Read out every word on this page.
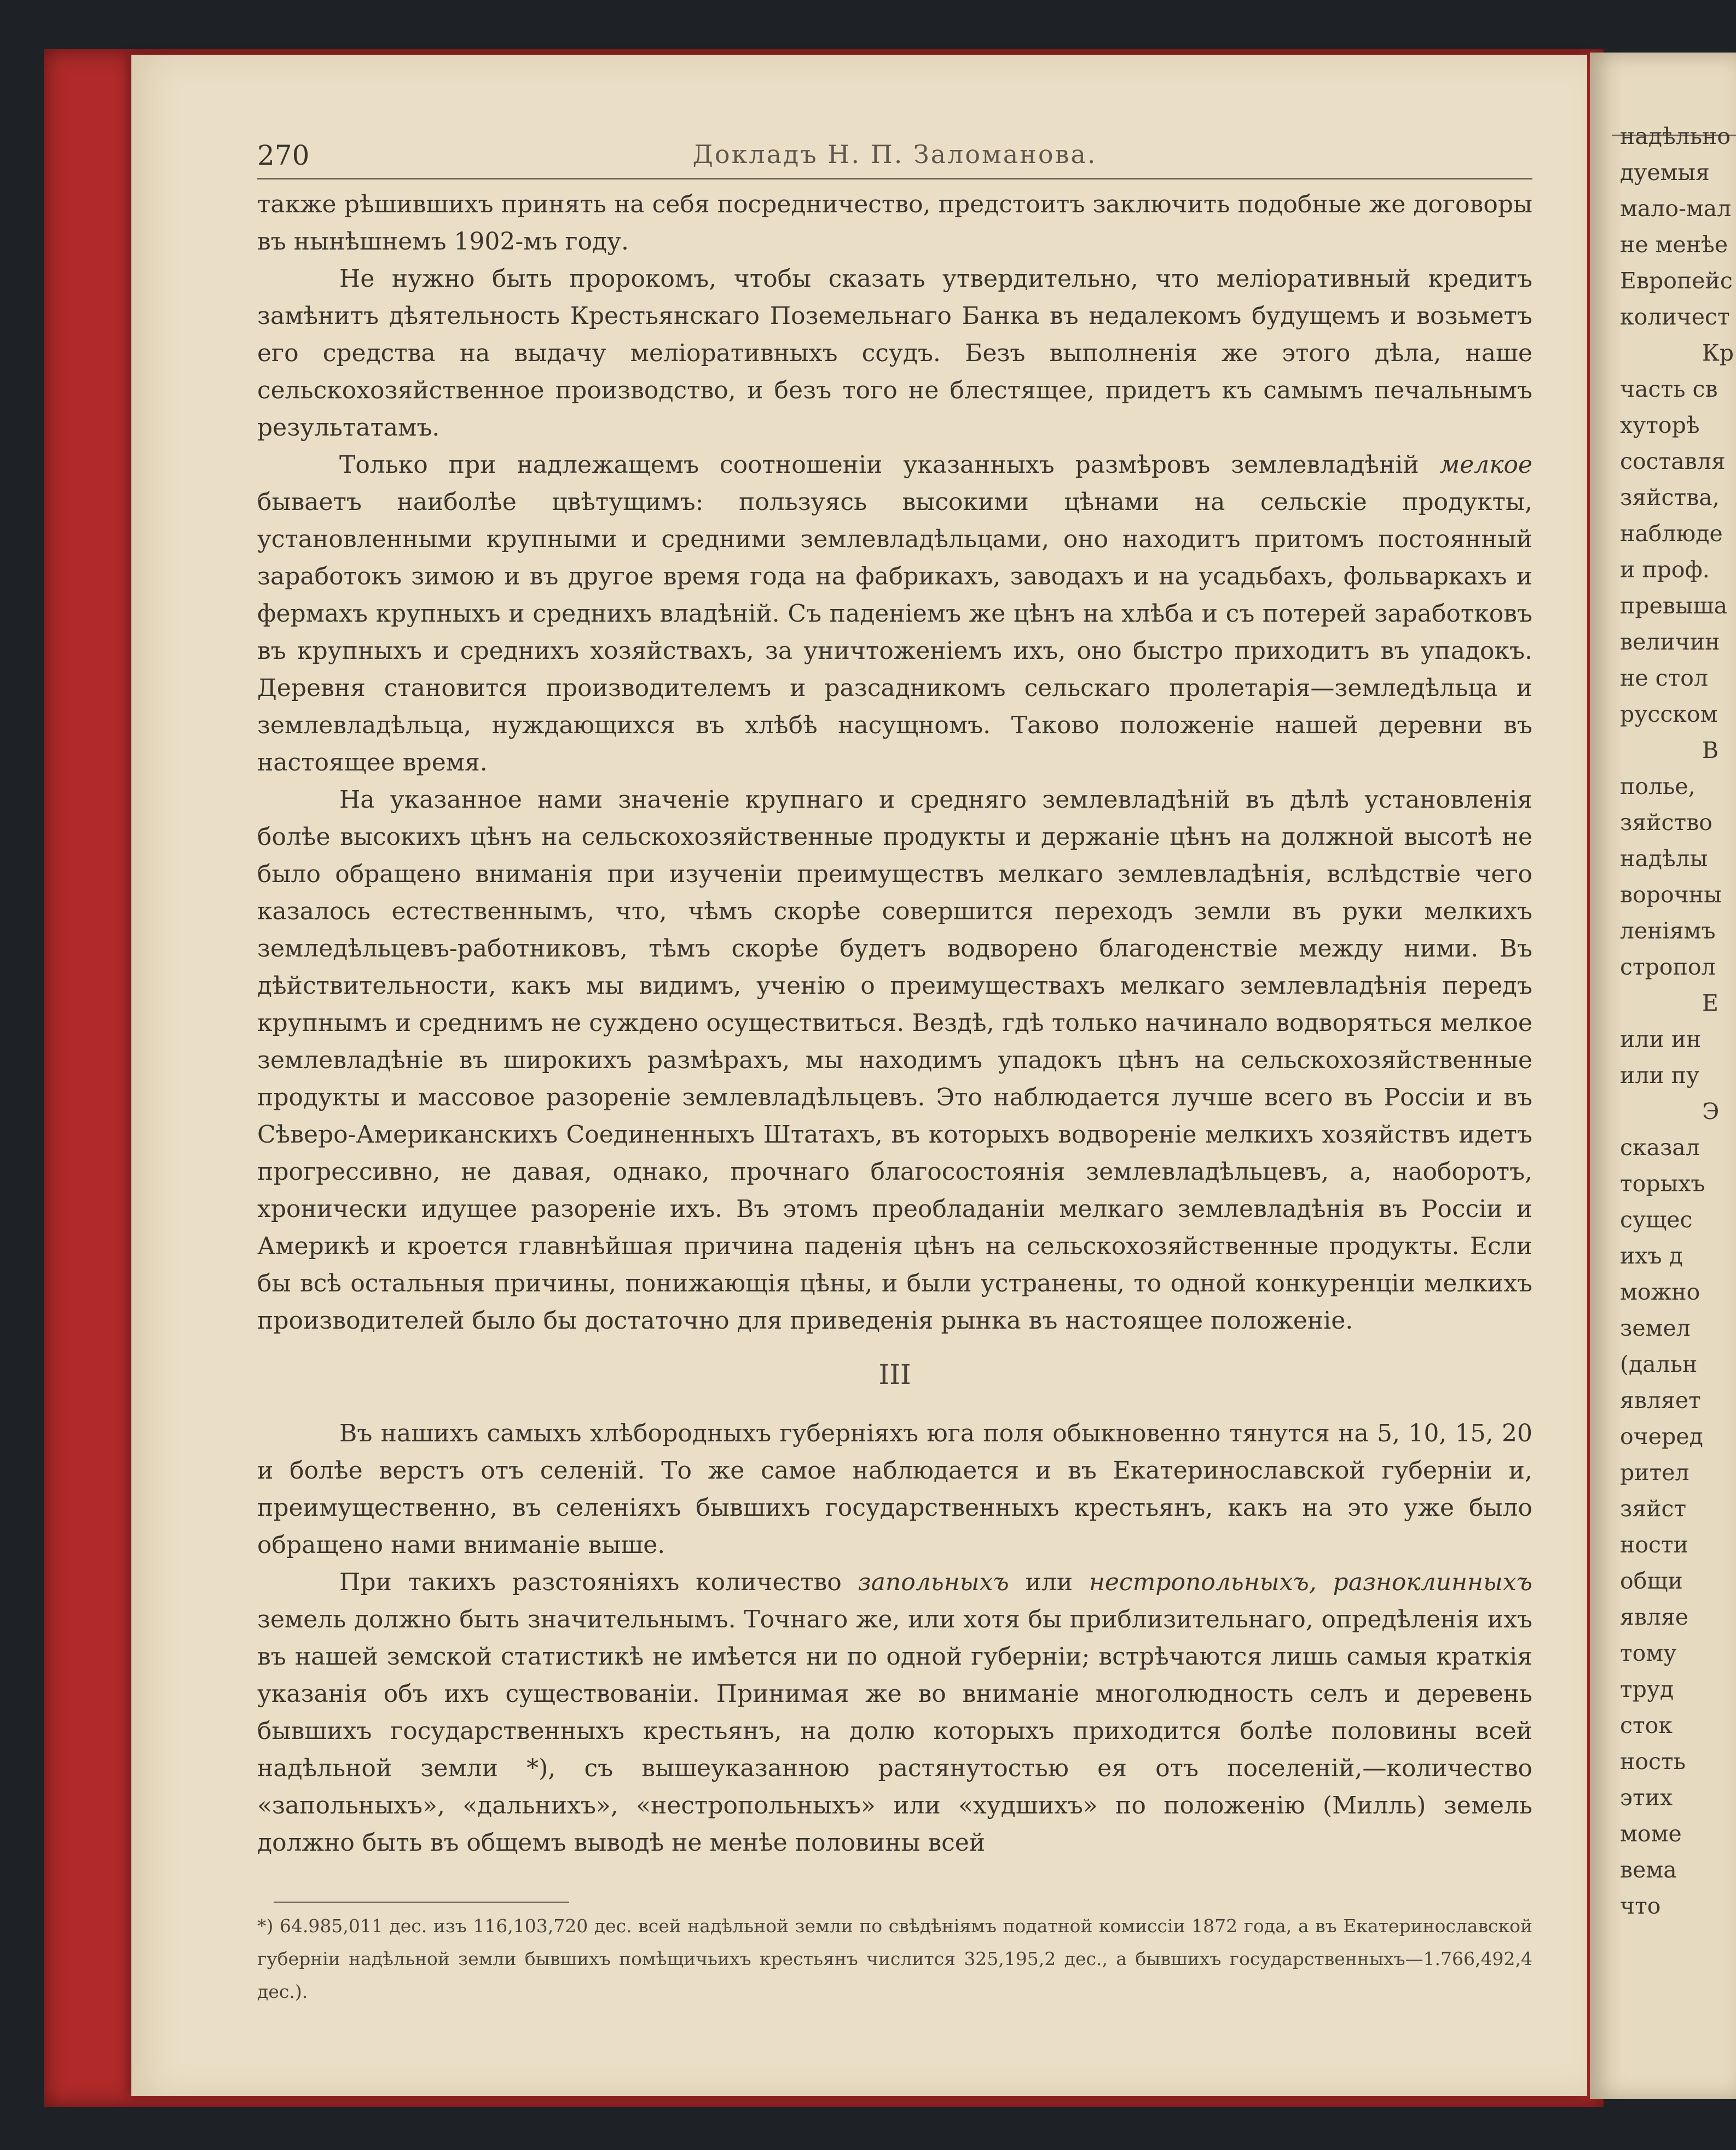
270	Докладъ Н. П. Заломанова.

также рѣшившихъ принять на себя посредничество, предстоитъ заключить подобные же договоры въ нынѣшнемъ 1902-мъ году.

Не нужно быть пророкомъ, чтобы сказать утвердительно, что меліоративный кредитъ замѣнитъ дѣятельность Крестьянскаго Поземельнаго Банка въ недалекомъ будущемъ и возьметъ его средства на выдачу меліоративныхъ ссудъ. Безъ выполненія же этого дѣла, наше сельскохозяйственное производство, и безъ того не блестящее, придетъ къ самымъ печальнымъ результатамъ.

Только при надлежащемъ соотношеніи указанныхъ размѣровъ землевладѣній мелкое бываетъ наиболѣе цвѣтущимъ: пользуясь высокими цѣнами на сельскіе продукты, установленными крупными и средними землевладѣльцами, оно находитъ притомъ постоянный заработокъ зимою и въ другое время года на фабрикахъ, заводахъ и на усадьбахъ, фольваркахъ и фермахъ крупныхъ и среднихъ владѣній. Съ паденіемъ же цѣнъ на хлѣба и съ потерей заработковъ въ крупныхъ и среднихъ хозяйствахъ, за уничтоженіемъ ихъ, оно быстро приходитъ въ упадокъ. Деревня становится производителемъ и разсадникомъ сельскаго пролетарія—земледѣльца и землевладѣльца, нуждающихся въ хлѣбѣ насущномъ. Таково положеніе нашей деревни въ настоящее время.

На указанное нами значеніе крупнаго и средняго землевладѣній въ дѣлѣ установленія болѣе высокихъ цѣнъ на сельскохозяйственные продукты и держаніе цѣнъ на должной высотѣ не было обращено вниманія при изученіи преимуществъ мелкаго землевладѣнія, вслѣдствіе чего казалось естественнымъ, что, чѣмъ скорѣе совершится переходъ земли въ руки мелкихъ земледѣльцевъ-работниковъ, тѣмъ скорѣе будетъ водворено благоденствіе между ними. Въ дѣйствительности, какъ мы видимъ, ученію о преимуществахъ мелкаго землевладѣнія передъ крупнымъ и среднимъ не суждено осуществиться. Вездѣ, гдѣ только начинало водворяться мелкое землевладѣніе въ широкихъ размѣрахъ, мы находимъ упадокъ цѣнъ на сельскохозяйственные продукты и массовое разореніе землевладѣльцевъ. Это наблюдается лучше всего въ Россіи и въ Сѣверо-Американскихъ Соединенныхъ Штатахъ, въ которыхъ водвореніе мелкихъ хозяйствъ идетъ прогрессивно, не давая, однако, прочнаго благосостоянія землевладѣльцевъ, а, наоборотъ, хронически идущее разореніе ихъ. Въ этомъ преобладаніи мелкаго землевладѣнія въ Россіи и Америкѣ и кроется главнѣйшая причина паденія цѣнъ на сельскохозяйственные продукты. Если бы всѣ остальныя причины, понижающія цѣны, и были устранены, то одной конкуренціи мелкихъ производителей было бы достаточно для приведенія рынка въ настоящее положеніе.

III

Въ нашихъ самыхъ хлѣбородныхъ губерніяхъ юга поля обыкновенно тянутся на 5, 10, 15, 20 и болѣе верстъ отъ селеній. То же самое наблюдается и въ Екатеринославской губерніи и, преимущественно, въ селеніяхъ бывшихъ государственныхъ крестьянъ, какъ на это уже было обращено нами вниманіе выше.

При такихъ разстояніяхъ количество запольныхъ или нестропольныхъ, разноклинныхъ земель должно быть значительнымъ. Точнаго же, или хотя бы приблизительнаго, опредѣленія ихъ въ нашей земской статистикѣ не имѣется ни по одной губерніи; встрѣчаются лишь самыя краткія указанія объ ихъ существованіи. Принимая же во вниманіе многолюдность селъ и деревень бывшихъ государственныхъ крестьянъ, на долю которыхъ приходится болѣе половины всей надѣльной земли *), съ вышеуказанною растянутостью ея отъ поселеній,—количество «запольныхъ», «дальнихъ», «нестропольныхъ» или «худшихъ» по положенію (Милль) земель должно быть въ общемъ выводѣ не менѣе половины всей

*) 64.985,011 дес. изъ 116,103,720 дес. всей надѣльной земли по свѣдѣніямъ податной комиссіи 1872 года, а въ Екатеринославской губерніи надѣльной земли бывшихъ помѣщичьихъ крестьянъ числится 325,195,2 дес., а бывшихъ государственныхъ—1.766,492,4 дес.).
надѣльно
дуемыя
мало-мал
не менѣе
Европейс
количест
Кр
часть св
хуторѣ
составля
зяйства,
наблюде
и проф.
превыша
величин
не стол
русском
В
полье,
зяйство
надѣлы
ворочны
леніямъ
стропол
Е
или ин
или пу
Э
сказал
торыхъ
сущес
ихъ д
можно
земел
(дальн
являет
очеред
рител
зяйст
ности
общи
являе
тому
труд
сток
ность
этих
моме
вема
что
